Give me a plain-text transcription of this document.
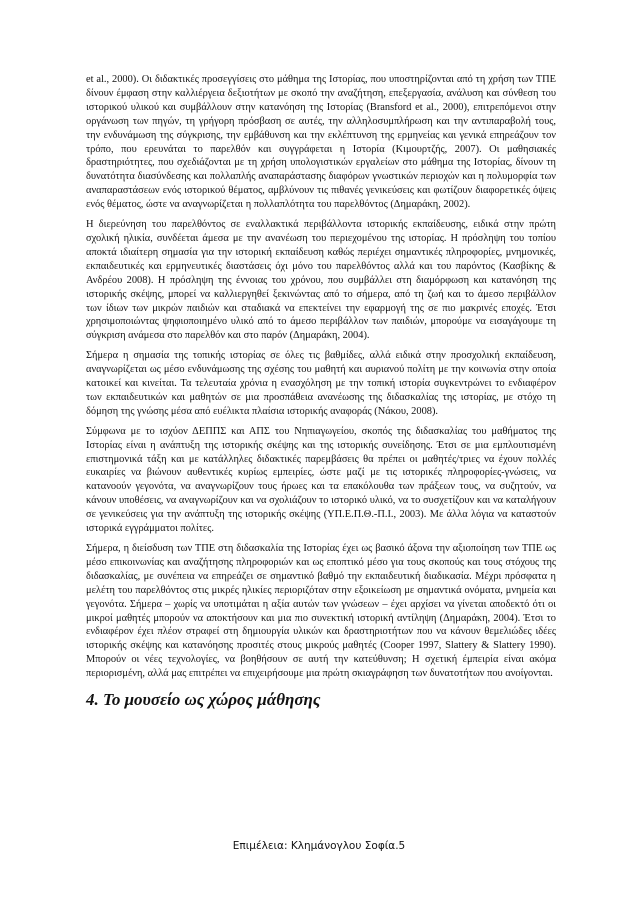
et al., 2000). Οι διδακτικές προσεγγίσεις στο μάθημα της Ιστορίας, που υποστηρίζονται από τη χρήση των ΤΠΕ δίνουν έμφαση στην καλλιέργεια δεξιοτήτων με σκοπό την αναζήτηση, επεξεργασία, ανάλυση και σύνθεση του ιστορικού υλικού και συμβάλλουν στην κατανόηση της Ιστορίας (Bransford et al., 2000), επιτρεπόμενοι στην οργάνωση των πηγών, τη γρήγορη πρόσβαση σε αυτές, την αλληλοσυμπλήρωση και την αντιπαραβολή τους, την ενδυνάμωση της σύγκρισης, την εμβάθυνση και την εκλέπτυνση της ερμηνείας και γενικά επηρεάζουν τον τρόπο, που ερευνάται το παρελθόν και συγγράφεται η Ιστορία (Κιμουρτζής, 2007). Οι μαθησιακές δραστηριότητες, που σχεδιάζονται με τη χρήση υπολογιστικών εργαλείων στο μάθημα της Ιστορίας, δίνουν τη δυνατότητα διασύνδεσης και πολλαπλής αναπαράστασης διαφόρων γνωστικών περιοχών και η πολυμορφία των αναπαραστάσεων ενός ιστορικού θέματος, αμβλύνουν τις πιθανές γενικεύσεις και φωτίζουν διαφορετικές όψεις ενός θέματος, ώστε να αναγνωρίζεται η πολλαπλότητα του παρελθόντος (Δημαράκη, 2002).

Η διερεύνηση του παρελθόντος σε εναλλακτικά περιβάλλοντα ιστορικής εκπαίδευσης, ειδικά στην πρώτη σχολική ηλικία, συνδέεται άμεσα με την ανανέωση του περιεχομένου της ιστορίας. Η πρόσληψη του τοπίου αποκτά ιδιαίτερη σημασία για την ιστορική εκπαίδευση καθώς περιέχει σημαντικές πληροφορίες, μνημονικές, εκπαιδευτικές και ερμηνευτικές διαστάσεις όχι μόνο του παρελθόντος αλλά και του παρόντος (Κασβίκης & Ανδρέου 2008). Η πρόσληψη της έννοιας του χρόνου, που συμβάλλει στη διαμόρφωση και κατανόηση της ιστορικής σκέψης, μπορεί να καλλιεργηθεί ξεκινώντας από το σήμερα, από τη ζωή και το άμεσο περιβάλλον των ίδιων των μικρών παιδιών και σταδιακά να επεκτείνει την εφαρμογή της σε πιο μακρινές εποχές. Έτσι χρησιμοποιώντας ψηφιοποιημένο υλικό από το άμεσο περιβάλλον των παιδιών, μπορούμε να εισαγάγουμε τη σύγκριση ανάμεσα στο παρελθόν και στο παρόν (Δημαράκη, 2004).

Σήμερα η σημασία της τοπικής ιστορίας σε όλες τις βαθμίδες, αλλά ειδικά στην προσχολική εκπαίδευση, αναγνωρίζεται ως μέσο ενδυνάμωσης της σχέσης του μαθητή και αυριανού πολίτη με την κοινωνία στην οποία κατοικεί και κινείται. Τα τελευταία χρόνια η ενασχόληση με την τοπική ιστορία συγκεντρώνει το ενδιαφέρον των εκπαιδευτικών και μαθητών σε μια προσπάθεια ανανέωσης της διδασκαλίας της ιστορίας, με στόχο τη δόμηση της γνώσης μέσα από ευέλικτα πλαίσια ιστορικής αναφοράς (Νάκου, 2008).

Σύμφωνα με το ισχύον ΔΕΠΠΣ και ΑΠΣ του Νηπιαγωγείου, σκοπός της διδασκαλίας του μαθήματος της Ιστορίας είναι η ανάπτυξη της ιστορικής σκέψης και της ιστορικής συνείδησης. Έτσι σε μια εμπλουτισμένη επιστημονικά τάξη και με κατάλληλες διδακτικές παρεμβάσεις θα πρέπει οι μαθητές/τριες να έχουν πολλές ευκαιρίες να βιώνουν αυθεντικές κυρίως εμπειρίες, ώστε μαζί με τις ιστορικές πληροφορίες-γνώσεις, να κατανοούν γεγονότα, να αναγνωρίζουν τους ήρωες και τα επακόλουθα των πράξεων τους, να συζητούν, να κάνουν υποθέσεις, να αναγνωρίζουν και να σχολιάζουν το ιστορικό υλικό, να το συσχετίζουν και να καταλήγουν σε γενικεύσεις για την ανάπτυξη της ιστορικής σκέψης (ΥΠ.Ε.Π.Θ.-Π.Ι., 2003). Με άλλα λόγια να καταστούν ιστορικά εγγράμματοι πολίτες.

Σήμερα, η διείσδυση των ΤΠΕ στη διδασκαλία της Ιστορίας έχει ως βασικό άξονα την αξιοποίηση των ΤΠΕ ως μέσο επικοινωνίας και αναζήτησης πληροφοριών και ως εποπτικό μέσο για τους σκοπούς και τους στόχους της διδασκαλίας, με συνέπεια να επηρεάζει σε σημαντικό βαθμό την εκπαιδευτική διαδικασία. Μέχρι πρόσφατα η μελέτη του παρελθόντος στις μικρές ηλικίες περιοριζόταν στην εξοικείωση με σημαντικά ονόματα, μνημεία και γεγονότα. Σήμερα – χωρίς να υποτιμάται η αξία αυτών των γνώσεων – έχει αρχίσει να γίνεται αποδεκτό ότι οι μικροί μαθητές μπορούν να αποκτήσουν και μια πιο συνεκτική ιστορική αντίληψη (Δημαράκη, 2004). Έτσι το ενδιαφέρον έχει πλέον στραφεί στη δημιουργία υλικών και δραστηριοτήτων που να κάνουν θεμελιώδες ιδέες ιστορικής σκέψης και κατανόησης προσιτές στους μικρούς μαθητές (Cooper 1997, Slattery & Slattery 1990). Μπορούν οι νέες τεχνολογίες, να βοηθήσουν σε αυτή την κατεύθυνση; Η σχετική έμπειρία είναι ακόμα περιορισμένη, αλλά μας επιτρέπει να επιχειρήσουμε μια πρώτη σκιαγράφηση των δυνατοτήτων που ανοίγονται.

4. Το μουσείο ως χώρος μάθησης
Επιμέλεια: Κλημάνογλου Σοφία.5
